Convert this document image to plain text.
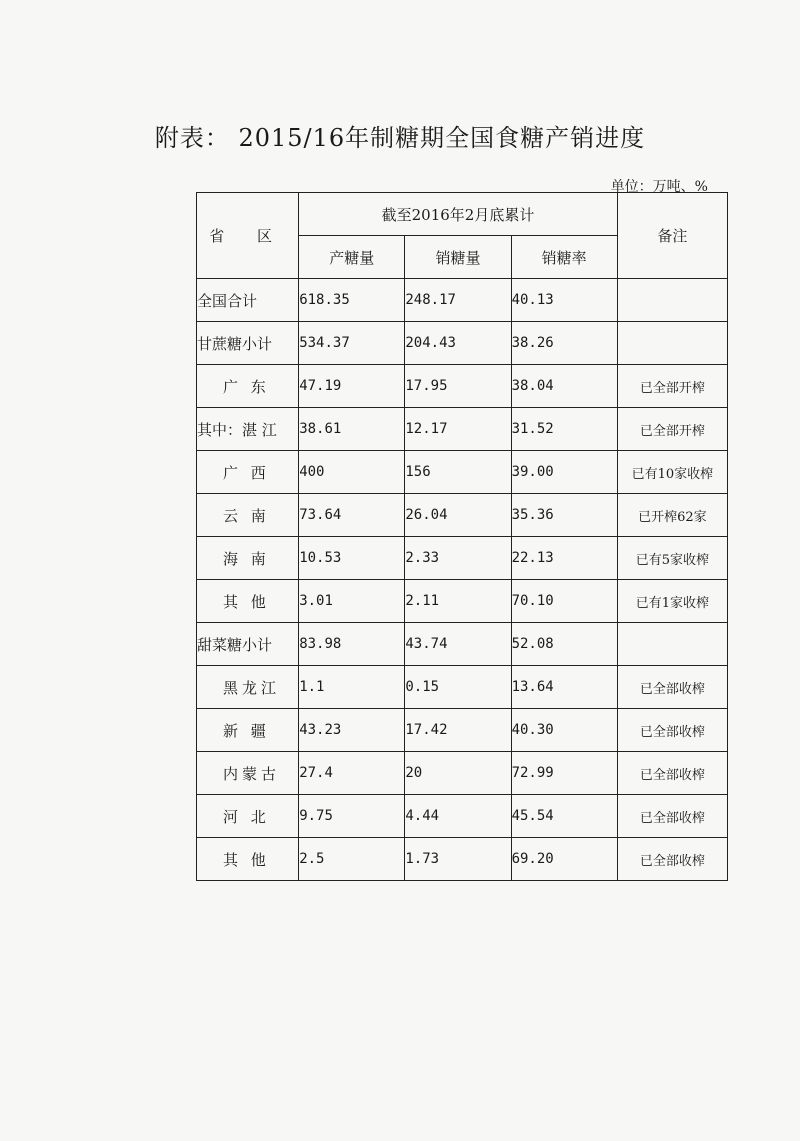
附表： 2015/16年制糖期全国食糖产销进度
单位：万吨、%
省 区	截至2016年2月底累计			备注
	产糖量	销糖量	销糖率	
全国合计	618.35	248.17	40.13	
甘蔗糖小计	534.37	204.43	38.26	
广 东	47.19	17.95	38.04	已全部开榨
其中：湛 江	38.61	12.17	31.52	已全部开榨
广 西	400	156	39.00	已有10家收榨
云 南	73.64	26.04	35.36	已开榨62家
海 南	10.53	2.33	22.13	已有5家收榨
其 他	3.01	2.11	70.10	已有1家收榨
甜菜糖小计	83.98	43.74	52.08	
黑龙江	1.1	0.15	13.64	已全部收榨
新 疆	43.23	17.42	40.30	已全部收榨
内蒙古	27.4	20	72.99	已全部收榨
河 北	9.75	4.44	45.54	已全部收榨
其 他	2.5	1.73	69.20	已全部收榨
